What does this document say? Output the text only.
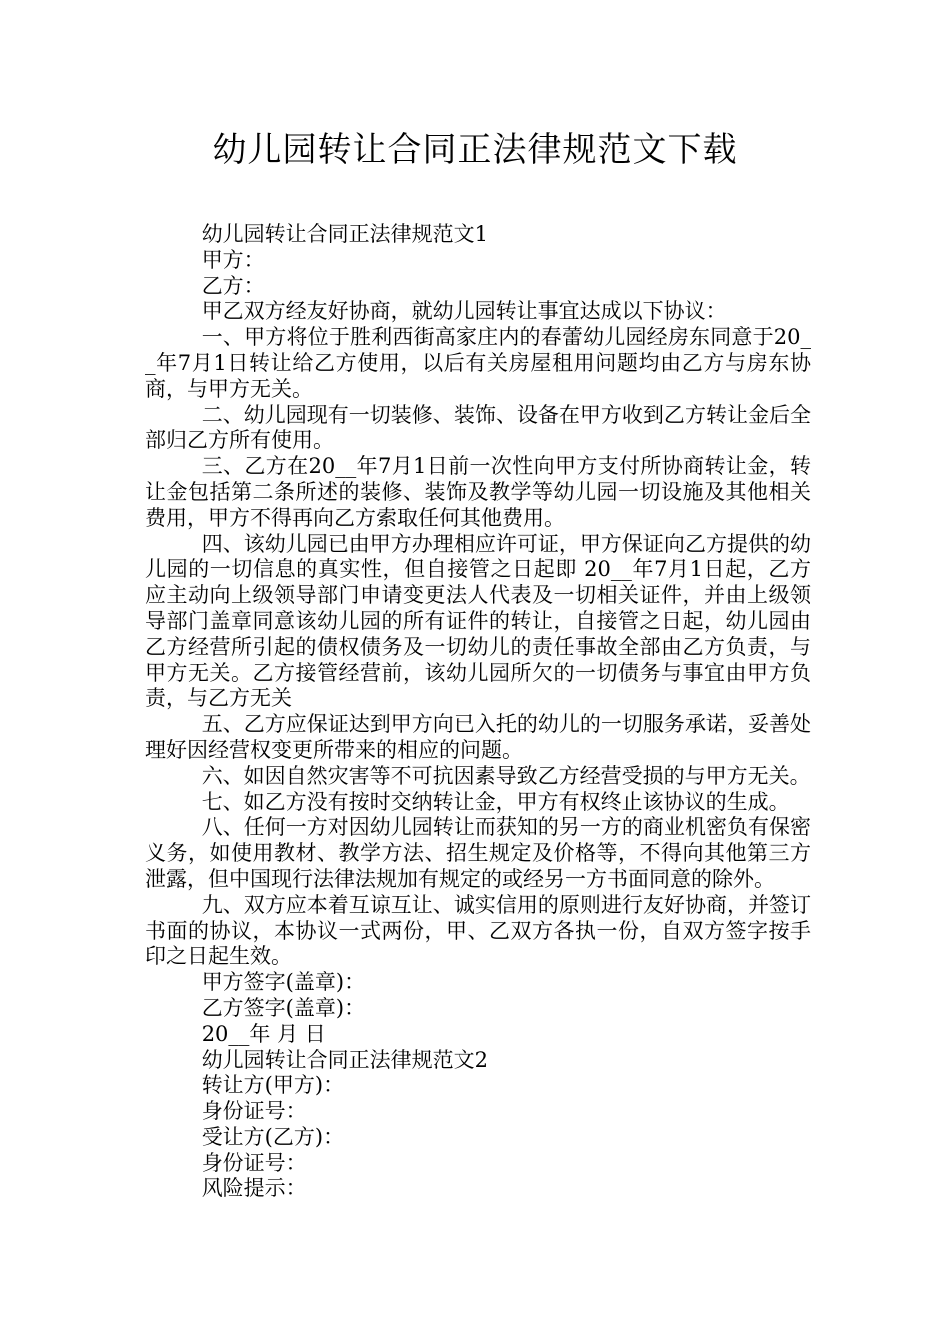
幼儿园转让合同正法律规范文下载

幼儿园转让合同正法律规范文1

甲方：

乙方：

甲乙双方经友好协商，就幼儿园转让事宜达成以下协议：

一、甲方将位于胜利西街高家庄内的春蕾幼儿园经房东同意于20__年7月1日转让给乙方使用，以后有关房屋租用问题均由乙方与房东协商，与甲方无关。

二、幼儿园现有一切装修、装饰、设备在甲方收到乙方转让金后全部归乙方所有使用。

三、乙方在20__年7月1日前一次性向甲方支付所协商转让金，转让金包括第二条所述的装修、装饰及教学等幼儿园一切设施及其他相关费用，甲方不得再向乙方索取任何其他费用。

四、该幼儿园已由甲方办理相应许可证，甲方保证向乙方提供的幼儿园的一切信息的真实性，但自接管之日起即 20__年7月1日起，乙方应主动向上级领导部门申请变更法人代表及一切相关证件，并由上级领导部门盖章同意该幼儿园的所有证件的转让，自接管之日起，幼儿园由乙方经营所引起的债权债务及一切幼儿的责任事故全部由乙方负责，与甲方无关。乙方接管经营前，该幼儿园所欠的一切债务与事宜由甲方负责，与乙方无关

五、乙方应保证达到甲方向已入托的幼儿的一切服务承诺，妥善处理好因经营权变更所带来的相应的问题。

六、如因自然灾害等不可抗因素导致乙方经营受损的与甲方无关。

七、如乙方没有按时交纳转让金，甲方有权终止该协议的生成。

八、任何一方对因幼儿园转让而获知的另一方的商业机密负有保密义务，如使用教材、教学方法、招生规定及价格等，不得向其他第三方泄露，但中国现行法律法规加有规定的或经另一方书面同意的除外。

九、双方应本着互谅互让、诚实信用的原则进行友好协商，并签订书面的协议，本协议一式两份，甲、乙双方各执一份，自双方签字按手印之日起生效。

甲方签字(盖章)：

乙方签字(盖章)：

20__年 月 日

幼儿园转让合同正法律规范文2

转让方(甲方)：

身份证号：

受让方(乙方)：

身份证号：

风险提示：
